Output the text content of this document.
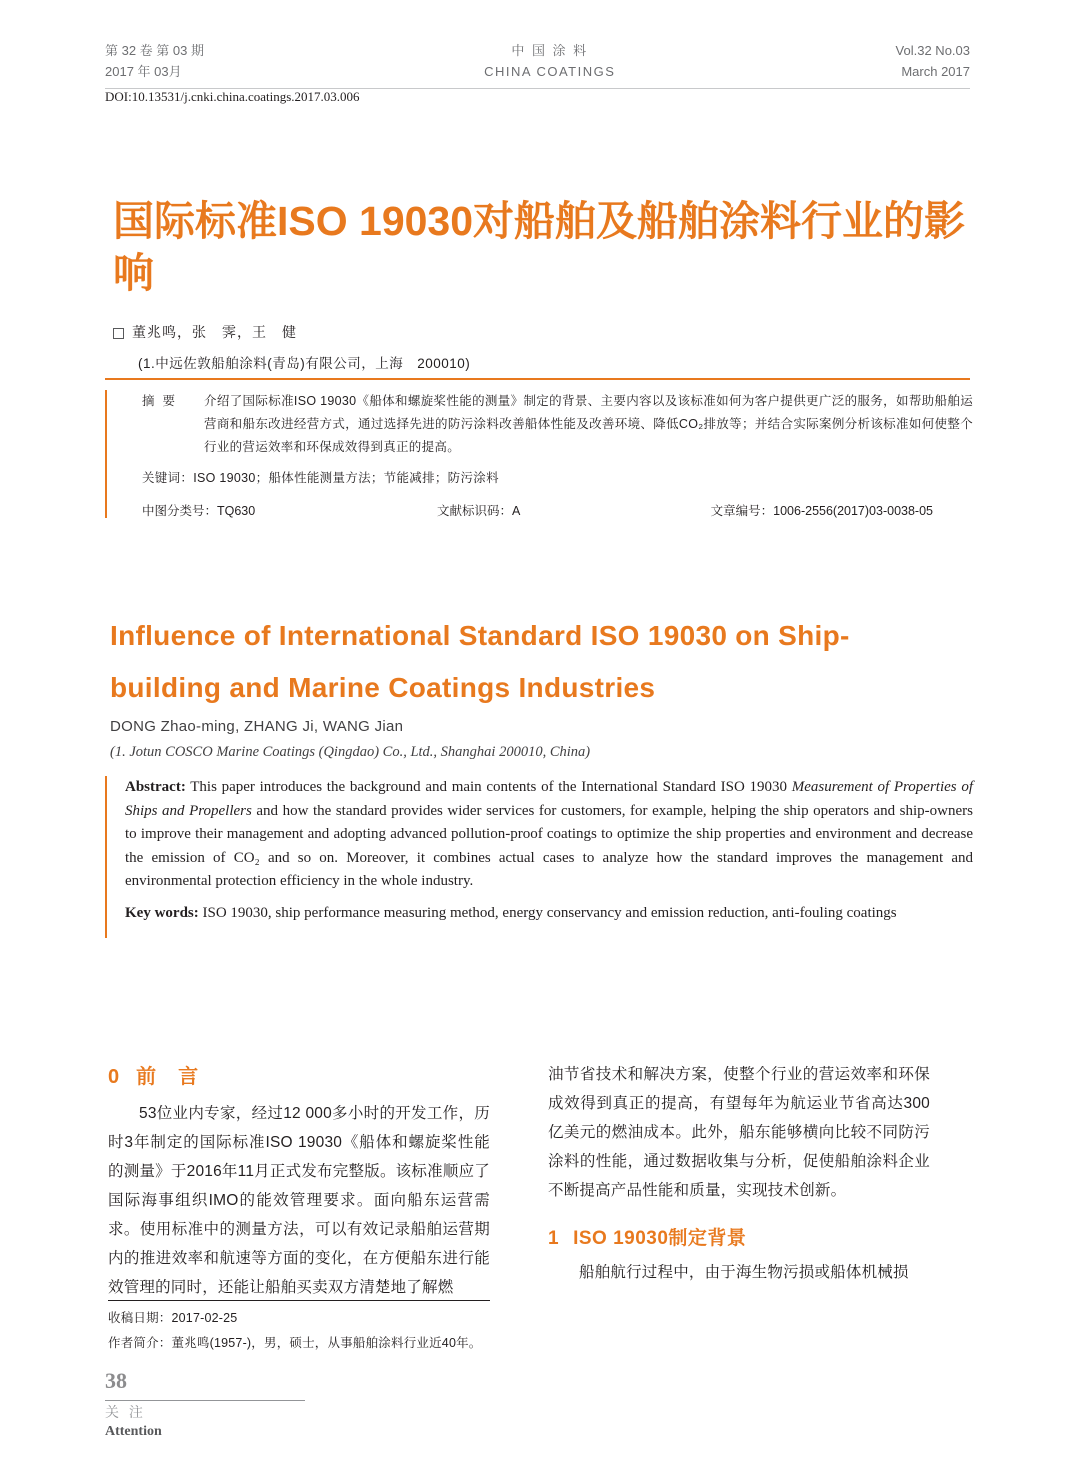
第 32 卷 第 03 期
2017 年 03月
中 国 涂 料
CHINA COATINGS
Vol.32 No.03
March 2017
DOI:10.13531/j.cnki.china.coatings.2017.03.006
国际标准ISO 19030对船舶及船舶涂料行业的影响
董兆鸣，张　霁，王　健
(1.中远佐敦船舶涂料(青岛)有限公司，上海　200010)
摘要	介绍了国际标准ISO 19030《船体和螺旋桨性能的测量》制定的背景、主要内容以及该标准如何为客户提供更广泛的服务，如帮助船舶运营商和船东改进经营方式，通过选择先进的防污涂料改善船体性能及改善环境、降低CO₂排放等；并结合实际案例分析该标准如何使整个行业的营运效率和环保成效得到真正的提高。
关键词：ISO 19030；船体性能测量方法；节能减排；防污涂料
中图分类号：TQ630	文献标识码：A	文章编号：1006-2556(2017)03-0038-05
Influence of International Standard ISO 19030 on Ship-building and Marine Coatings Industries
DONG Zhao-ming, ZHANG Ji, WANG Jian
(1. Jotun COSCO Marine Coatings (Qingdao) Co., Ltd., Shanghai 200010, China)
Abstract: This paper introduces the background and main contents of the International Standard ISO 19030 Measurement of Properties of Ships and Propellers and how the standard provides wider services for customers, for example, helping the ship operators and ship-owners to improve their management and adopting advanced pollution-proof coatings to optimize the ship properties and environment and decrease the emission of CO₂ and so on. Moreover, it combines actual cases to analyze how the standard improves the management and environmental protection efficiency in the whole industry.
Key words: ISO 19030, ship performance measuring method, energy conservancy and emission reduction, anti-fouling coatings
0 前　言
53位业内专家，经过12 000多小时的开发工作，历时3年制定的国际标准ISO 19030《船体和螺旋桨性能的测量》于2016年11月正式发布完整版。该标准顺应了国际海事组织IMO的能效管理要求。面向船东运营需求。使用标准中的测量方法，可以有效记录船舶运营期内的推进效率和航速等方面的变化，在方便船东进行能效管理的同时，还能让船舶买卖双方清楚地了解燃
油节省技术和解决方案，使整个行业的营运效率和环保成效得到真正的提高，有望每年为航运业节省高达300亿美元的燃油成本。此外，船东能够横向比较不同防污涂料的性能，通过数据收集与分析，促使船舶涂料企业不断提高产品性能和质量，实现技术创新。
1 ISO 19030制定背景
船舶航行过程中，由于海生物污损或船体机械损
收稿日期：2017-02-25
作者简介：董兆鸣(1957-)，男，硕士，从事船舶涂料行业近40年。
38
关 注
Attention
